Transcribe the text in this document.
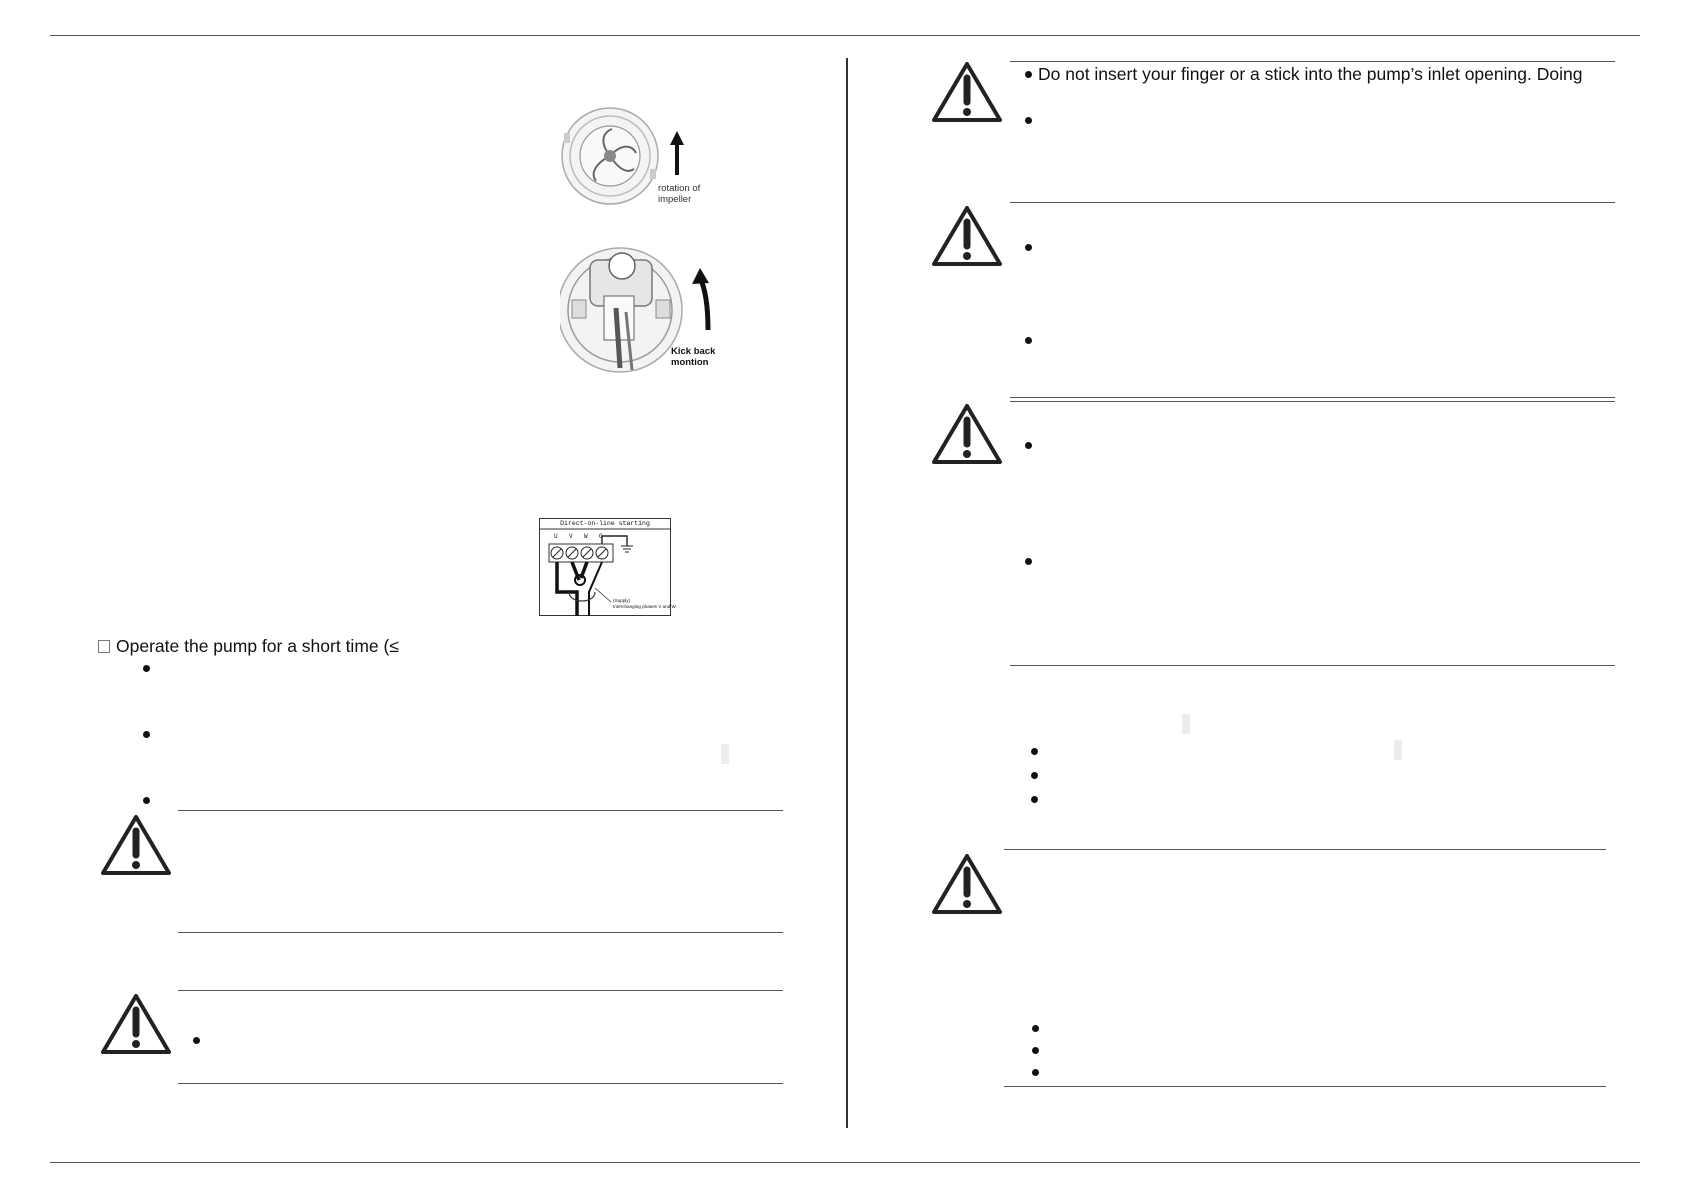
rotation of
impeller
Kick back
montion
Direct-on-line starting
U V W G
(Supply)
Interchanging phases V and W
Operate the pump for a short time (≤
Do not insert your finger or a stick into the pump’s inlet opening. Doing
